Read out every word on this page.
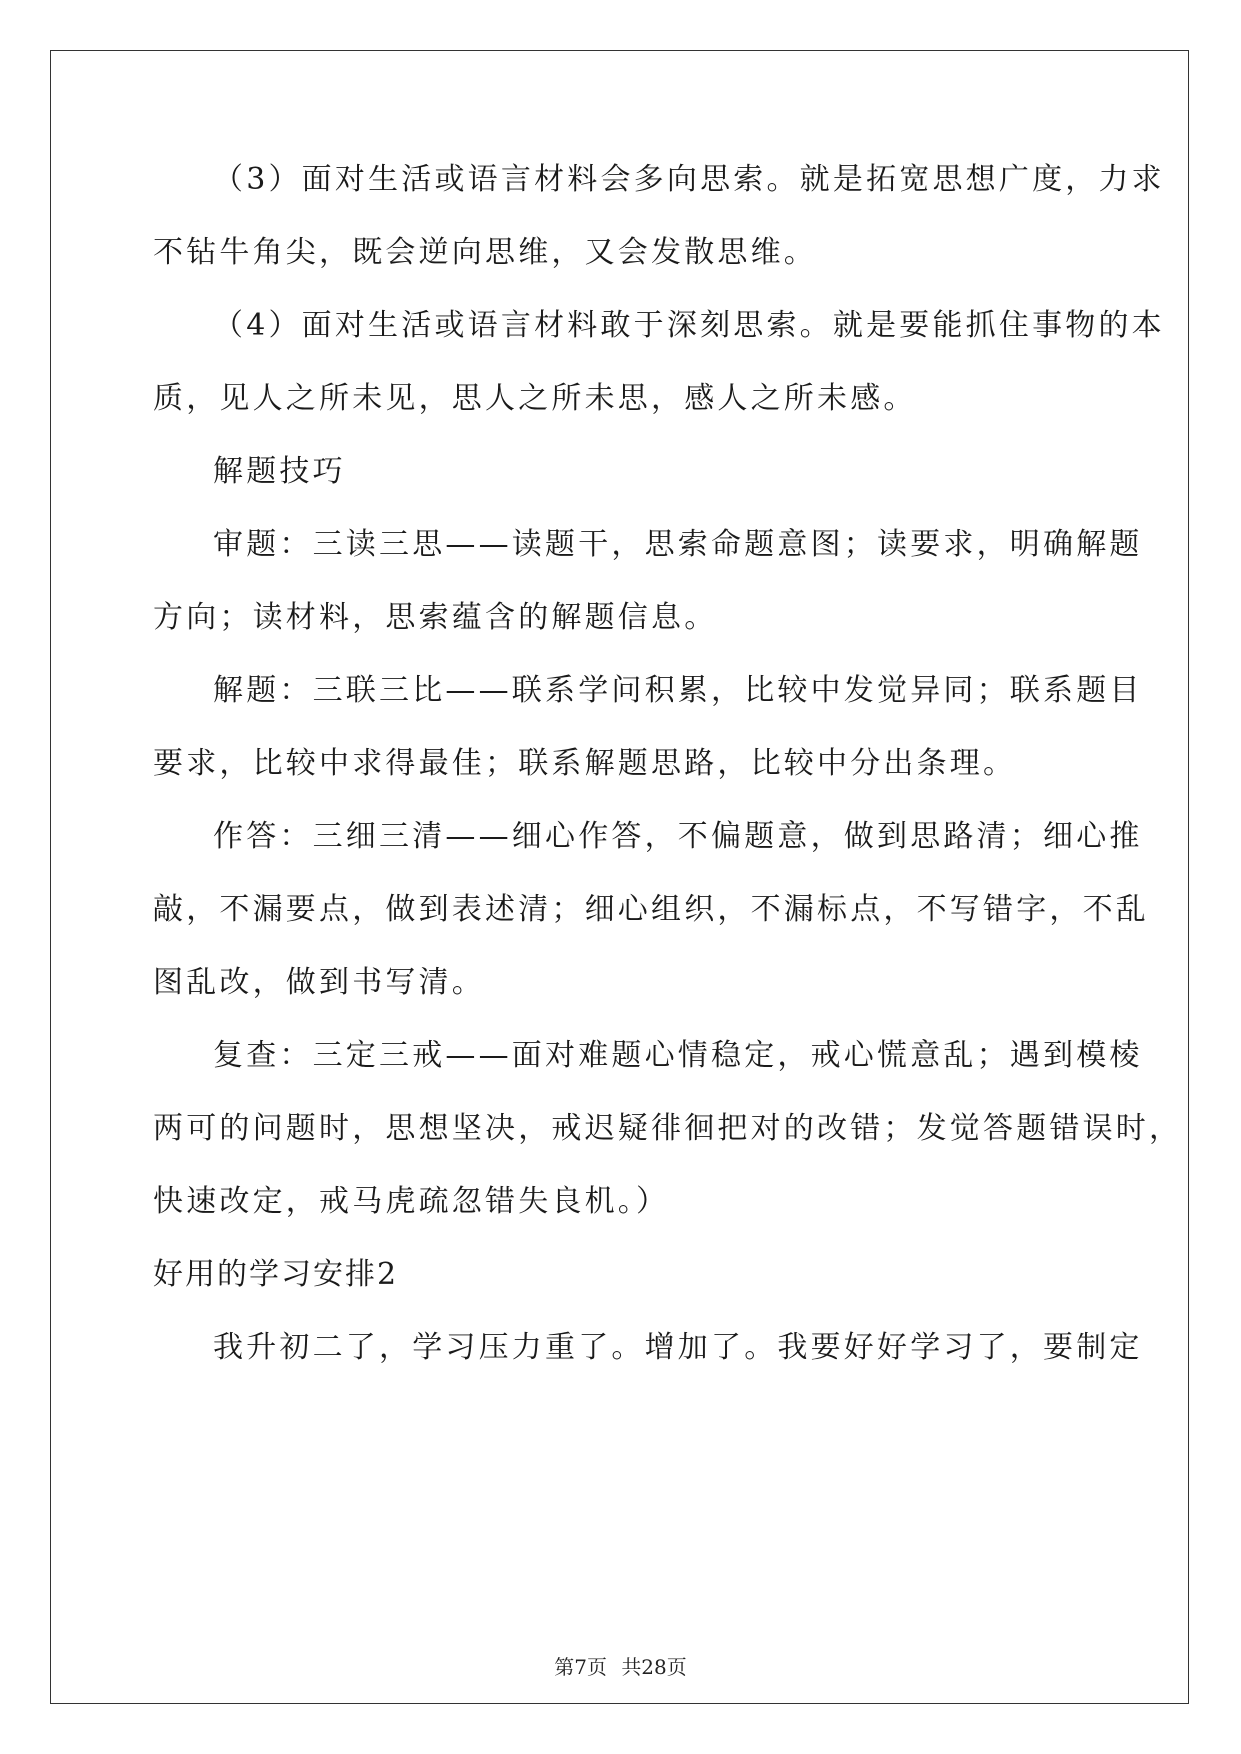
（3）面对生活或语言材料会多向思索。就是拓宽思想广度，力求
不钻牛角尖，既会逆向思维，又会发散思维。
（4）面对生活或语言材料敢于深刻思索。就是要能抓住事物的本
质，见人之所未见，思人之所未思，感人之所未感。
解题技巧
审题：三读三思——读题干，思索命题意图；读要求，明确解题
方向；读材料，思索蕴含的解题信息。
解题：三联三比——联系学问积累，比较中发觉异同；联系题目
要求，比较中求得最佳；联系解题思路，比较中分出条理。
作答：三细三清——细心作答，不偏题意，做到思路清；细心推
敲，不漏要点，做到表述清；细心组织，不漏标点，不写错字，不乱
图乱改，做到书写清。
复查：三定三戒——面对难题心情稳定，戒心慌意乱；遇到模棱
两可的问题时，思想坚决，戒迟疑徘徊把对的改错；发觉答题错误时，
快速改定，戒马虎疏忽错失良机。）
好用的学习安排2
我升初二了，学习压力重了。增加了。我要好好学习了，要制定
第7页 共28页
